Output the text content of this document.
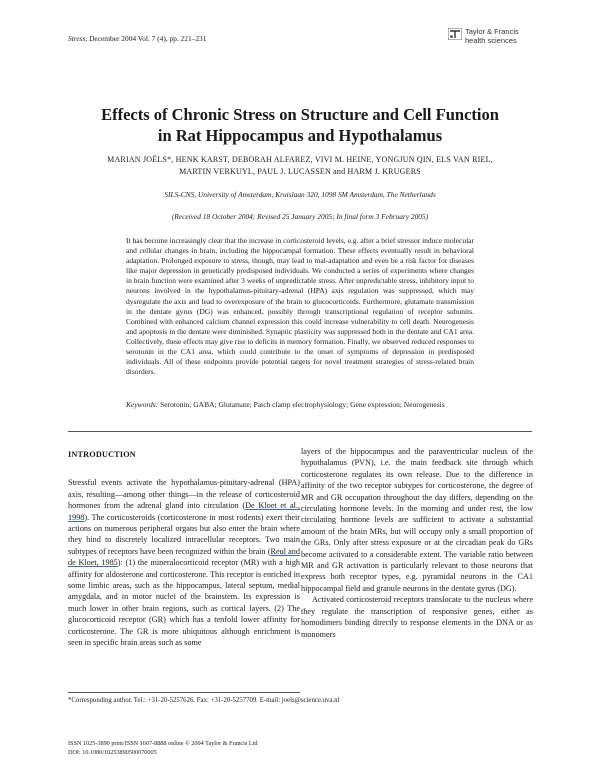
Stress, December 2004 Vol. 7 (4), pp. 221–231
Taylor & Francis
health sciences
Effects of Chronic Stress on Structure and Cell Function
in Rat Hippocampus and Hypothalamus
MARIAN JOËLS*, HENK KARST, DEBORAH ALFAREZ, VIVI M. HEINE, YONGJUN QIN, ELS VAN RIEL,
MARTIN VERKUYL, PAUL J. LUCASSEN and HARM J. KRUGERS
SILS-CNS, University of Amsterdam, Kruislaan 320, 1098 SM Amsterdam, The Netherlands
(Received 18 October 2004; Revised 25 January 2005; In final form 3 February 2005)

It has become increasingly clear that the increase in corticosteroid levels, e.g. after a brief stressor induce molecular and cellular changes in brain, including the hippocampal formation. These effects eventually result in behavioral adaptation. Prolonged exposure to stress, though, may lead to mal-adaptation and even be a risk factor for diseases like major depression in genetically predisposed individuals. We conducted a series of experiments where changes in brain function were examined after 3 weeks of unpredictable stress. After unpredictable stress, inhibitory input to neurons involved in the hypothalamus-pituitary-adrenal (HPA) axis regulation was suppressed, which may dysregulate the axis and lead to overexposure of the brain to glucocorticoids. Furthermore, glutamate transmission in the dentate gyrus (DG) was enhanced, possibly through transcriptional regulation of receptor subunits. Combined with enhanced calcium channel expression this could increase vulnerability to cell death. Neurogenesis and apoptosis in the dentate were diminished. Synaptic plasticity was suppressed both in the dentate and CA1 area. Collectively, these effects may give rise to deficits in memory formation. Finally, we observed reduced responses to serotonin in the CA1 area, which could contribute to the onset of symptoms of depression in predisposed individuals. All of these endpoints provide potential targets for novel treatment strategies of stress-related brain disorders.

Keywords: Serotonin; GABA; Glutamate; Patch clamp electrophysiology; Gene expression; Neurogenesis
INTRODUCTION

Stressful events activate the hypothalamus-pituitary-adrenal (HPA) axis, resulting—among other things—in the release of corticosteroid hormones from the adrenal gland into circulation (De Kloet et al., 1998). The corticosteroids (corticosterone in most rodents) exert their actions on numerous peripheral organs but also enter the brain where they bind to discretely localized intracellular receptors. Two main subtypes of receptors have been recognized within the brain (Reul and de Kloet, 1985): (1) the mineralocorticoid receptor (MR) with a high affinity for aldosterone and corticosterone. This receptor is enriched in some limbic areas, such as the hippocampus, lateral septum, medial amygdala, and in motor nuclei of the brainstem. Its expression is much lower in other brain regions, such as cortical layers. (2) The glucocorticoid receptor (GR) which has a tenfold lower affinity for corticosterone. The GR is more ubiquitous although enrichment is seen in specific brain areas such as some

layers of the hippocampus and the paraventricular nucleus of the hypothalamus (PVN), i.e. the main feedback site through which corticosterone regulates its own release. Due to the difference in affinity of the two receptor subtypes for corticosterone, the degree of MR and GR occupation throughout the day differs, depending on the circulating hormone levels. In the morning and under rest, the low circulating hormone levels are sufficient to activate a substantial amount of the brain MRs, but will occupy only a small proportion of the GRs. Only after stress exposure or at the circadian peak do GRs become activated to a considerable extent. The variable ratio between MR and GR activation is particularly relevant to those neurons that express both receptor types, e.g. pyramidal neurons in the CA1 hippocampal field and granule neurons in the dentate gyrus (DG).

Activated corticosteroid receptors translocate to the nucleus where they regulate the transcription of responsive genes, either as homodimers binding directly to response elements in the DNA or as monomers

*Corresponding author. Tel.: +31-20-5257626. Fax: +31-20-5257709. E-mail: joels@science.uva.nl
ISSN 1025-3890 print/ISSN 1607-8888 online © 2004 Taylor & Francis Ltd
DOI: 10.1080/10253890500070005
